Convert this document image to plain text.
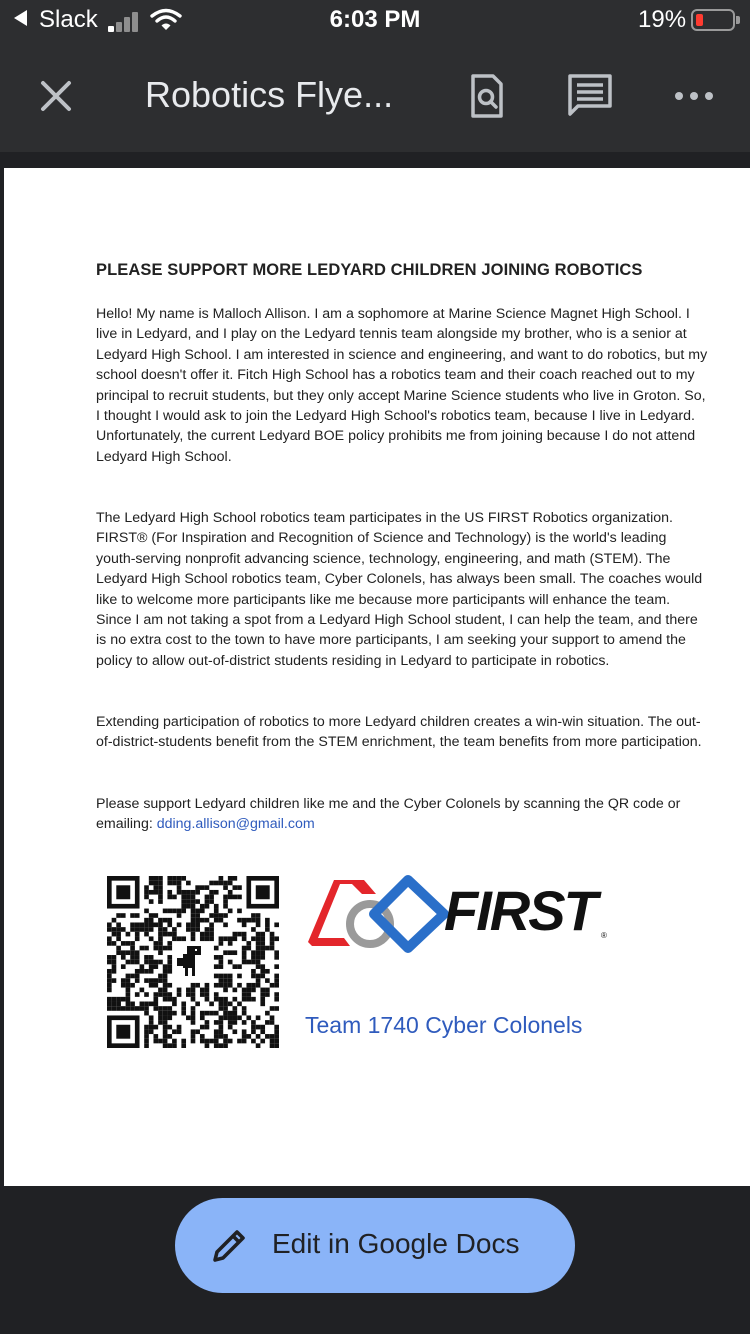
Slack	6:03 PM	19%
Robotics Flye...
PLEASE SUPPORT MORE LEDYARD CHILDREN JOINING ROBOTICS

Hello! My name is Malloch Allison. I am a sophomore at Marine Science Magnet High School. I live in Ledyard, and I play on the Ledyard tennis team alongside my brother, who is a senior at Ledyard High School. I am interested in science and engineering, and want to do robotics, but my school doesn't offer it. Fitch High School has a robotics team and their coach reached out to my principal to recruit students, but they only accept Marine Science students who live in Groton. So, I thought I would ask to join the Ledyard High School's robotics team, because I live in Ledyard. Unfortunately, the current Ledyard BOE policy prohibits me from joining because I do not attend Ledyard High School.

The Ledyard High School robotics team participates in the US FIRST Robotics organization. FIRST® (For Inspiration and Recognition of Science and Technology) is the world's leading youth-serving nonprofit advancing science, technology, engineering, and math (STEM). The Ledyard High School robotics team, Cyber Colonels, has always been small. The coaches would like to welcome more participants like me because more participants will enhance the team. Since I am not taking a spot from a Ledyard High School student, I can help the team, and there is no extra cost to the town to have more participants, I am seeking your support to amend the policy to allow out-of-district students residing in Ledyard to participate in robotics.

Extending participation of robotics to more Ledyard children creates a win-win situation. The out-of-district-students benefit from the STEM enrichment, the team benefits from more participation.

Please support Ledyard children like me and the Cyber Colonels by scanning the QR code or emailing: dding.allison@gmail.com

FIRST ®
Team 1740 Cyber Colonels
Edit in Google Docs
